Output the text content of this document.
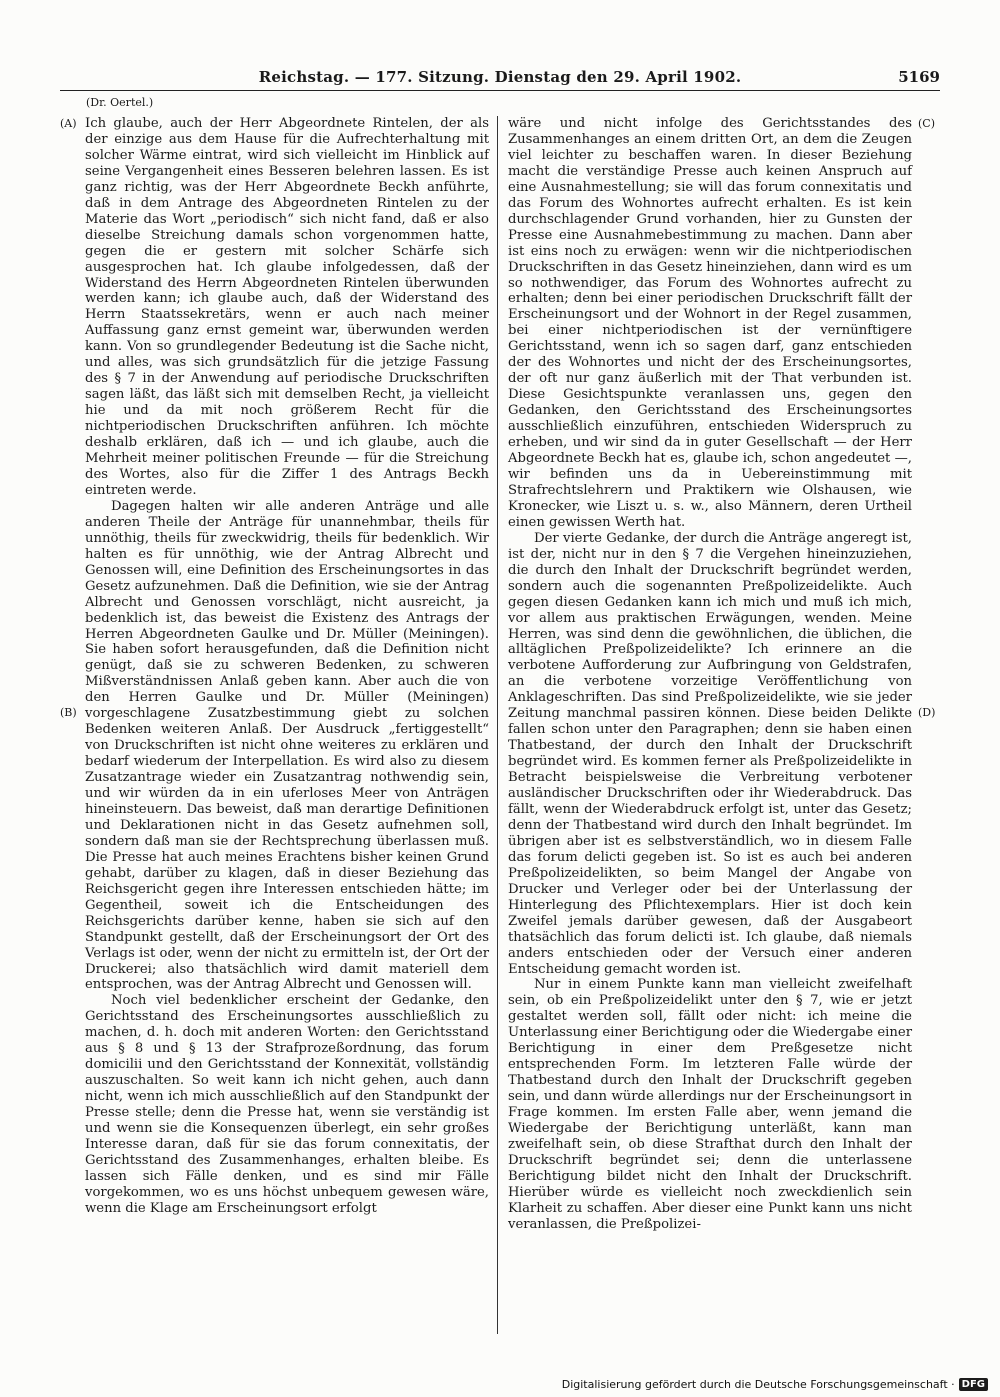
Reichstag. — 177. Sitzung. Dienstag den 29. April 1902.	5169
(Dr. Oertel.)
(A)
(B)
(C)
(D)

Ich glaube, auch der Herr Abgeordnete Rintelen, der als der einzige aus dem Hause für die Aufrechterhaltung mit solcher Wärme eintrat, wird sich vielleicht im Hinblick auf seine Vergangenheit eines Besseren belehren lassen. Es ist ganz richtig, was der Herr Abgeordnete Beckh anführte, daß in dem Antrage des Abgeordneten Rintelen zu der Materie das Wort „periodisch“ sich nicht fand, daß er also dieselbe Streichung damals schon vorgenommen hatte, gegen die er gestern mit solcher Schärfe sich ausgesprochen hat. Ich glaube infolgedessen, daß der Widerstand des Herrn Abgeordneten Rintelen überwunden werden kann; ich glaube auch, daß der Widerstand des Herrn Staatssekretärs, wenn er auch nach meiner Auffassung ganz ernst gemeint war, überwunden werden kann. Von so grundlegender Bedeutung ist die Sache nicht, und alles, was sich grundsätzlich für die jetzige Fassung des § 7 in der Anwendung auf periodische Druckschriften sagen läßt, das läßt sich mit demselben Recht, ja vielleicht hie und da mit noch größerem Recht für die nichtperiodischen Druckschriften anführen. Ich möchte deshalb erklären, daß ich — und ich glaube, auch die Mehrheit meiner politischen Freunde — für die Streichung des Wortes, also für die Ziffer 1 des Antrags Beckh eintreten werde.

Dagegen halten wir alle anderen Anträge und alle anderen Theile der Anträge für unannehmbar, theils für unnöthig, theils für zweckwidrig, theils für bedenklich. Wir halten es für unnöthig, wie der Antrag Albrecht und Genossen will, eine Definition des Erscheinungsortes in das Gesetz aufzunehmen. Daß die Definition, wie sie der Antrag Albrecht und Genossen vorschlägt, nicht ausreicht, ja bedenklich ist, das beweist die Existenz des Antrags der Herren Abgeordneten Gaulke und Dr. Müller (Meiningen). Sie haben sofort herausgefunden, daß die Definition nicht genügt, daß sie zu schweren Bedenken, zu schweren Mißverständnissen Anlaß geben kann. Aber auch die von den Herren Gaulke und Dr. Müller (Meiningen) vorgeschlagene Zusatzbestimmung giebt zu solchen Bedenken weiteren Anlaß. Der Ausdruck „fertiggestellt“ von Druckschriften ist nicht ohne weiteres zu erklären und bedarf wiederum der Interpellation. Es wird also zu diesem Zusatzantrage wieder ein Zusatzantrag nothwendig sein, und wir würden da in ein uferloses Meer von Anträgen hineinsteuern. Das beweist, daß man derartige Definitionen und Deklarationen nicht in das Gesetz aufnehmen soll, sondern daß man sie der Rechtsprechung überlassen muß. Die Presse hat auch meines Erachtens bisher keinen Grund gehabt, darüber zu klagen, daß in dieser Beziehung das Reichsgericht gegen ihre Interessen entschieden hätte; im Gegentheil, soweit ich die Entscheidungen des Reichsgerichts darüber kenne, haben sie sich auf den Standpunkt gestellt, daß der Erscheinungsort der Ort des Verlags ist oder, wenn der nicht zu ermitteln ist, der Ort der Druckerei; also thatsächlich wird damit materiell dem entsprochen, was der Antrag Albrecht und Genossen will.

Noch viel bedenklicher erscheint der Gedanke, den Gerichtsstand des Erscheinungsortes ausschließlich zu machen, d. h. doch mit anderen Worten: den Gerichtsstand aus § 8 und § 13 der Strafprozeßordnung, das forum domicilii und den Gerichtsstand der Konnexität, vollständig auszuschalten. So weit kann ich nicht gehen, auch dann nicht, wenn ich mich ausschließlich auf den Standpunkt der Presse stelle; denn die Presse hat, wenn sie verständig ist und wenn sie die Konsequenzen überlegt, ein sehr großes Interesse daran, daß für sie das forum connexitatis, der Gerichtsstand des Zusammenhanges, erhalten bleibe. Es lassen sich Fälle denken, und es sind mir Fälle vorgekommen, wo es uns höchst unbequem gewesen wäre, wenn die Klage am Erscheinungsort erfolgt

wäre und nicht infolge des Gerichtsstandes des Zusammenhanges an einem dritten Ort, an dem die Zeugen viel leichter zu beschaffen waren. In dieser Beziehung macht die verständige Presse auch keinen Anspruch auf eine Ausnahmestellung; sie will das forum connexitatis und das Forum des Wohnortes aufrecht erhalten. Es ist kein durchschlagender Grund vorhanden, hier zu Gunsten der Presse eine Ausnahmebestimmung zu machen. Dann aber ist eins noch zu erwägen: wenn wir die nichtperiodischen Druckschriften in das Gesetz hineinziehen, dann wird es um so nothwendiger, das Forum des Wohnortes aufrecht zu erhalten; denn bei einer periodischen Druckschrift fällt der Erscheinungsort und der Wohnort in der Regel zusammen, bei einer nichtperiodischen ist der vernünftigere Gerichtsstand, wenn ich so sagen darf, ganz entschieden der des Wohnortes und nicht der des Erscheinungsortes, der oft nur ganz äußerlich mit der That verbunden ist. Diese Gesichtspunkte veranlassen uns, gegen den Gedanken, den Gerichtsstand des Erscheinungsortes ausschließlich einzuführen, entschieden Widerspruch zu erheben, und wir sind da in guter Gesellschaft — der Herr Abgeordnete Beckh hat es, glaube ich, schon angedeutet —, wir befinden uns da in Uebereinstimmung mit Strafrechtslehrern und Praktikern wie Olshausen, wie Kronecker, wie Liszt u. s. w., also Männern, deren Urtheil einen gewissen Werth hat.

Der vierte Gedanke, der durch die Anträge angeregt ist, ist der, nicht nur in den § 7 die Vergehen hineinzuziehen, die durch den Inhalt der Druckschrift begründet werden, sondern auch die sogenannten Preßpolizeidelikte. Auch gegen diesen Gedanken kann ich mich und muß ich mich, vor allem aus praktischen Erwägungen, wenden. Meine Herren, was sind denn die gewöhnlichen, die üblichen, die alltäglichen Preßpolizeidelikte? Ich erinnere an die verbotene Aufforderung zur Aufbringung von Geldstrafen, an die verbotene vorzeitige Veröffentlichung von Anklageschriften. Das sind Preßpolizeidelikte, wie sie jeder Zeitung manchmal passiren können. Diese beiden Delikte fallen schon unter den Paragraphen; denn sie haben einen Thatbestand, der durch den Inhalt der Druckschrift begründet wird. Es kommen ferner als Preßpolizeidelikte in Betracht beispielsweise die Verbreitung verbotener ausländischer Druckschriften oder ihr Wiederabdruck. Das fällt, wenn der Wiederabdruck erfolgt ist, unter das Gesetz; denn der Thatbestand wird durch den Inhalt begründet. Im übrigen aber ist es selbstverständlich, wo in diesem Falle das forum delicti gegeben ist. So ist es auch bei anderen Preßpolizeidelikten, so beim Mangel der Angabe von Drucker und Verleger oder bei der Unterlassung der Hinterlegung des Pflichtexemplars. Hier ist doch kein Zweifel jemals darüber gewesen, daß der Ausgabeort thatsächlich das forum delicti ist. Ich glaube, daß niemals anders entschieden oder der Versuch einer anderen Entscheidung gemacht worden ist.

Nur in einem Punkte kann man vielleicht zweifelhaft sein, ob ein Preßpolizeidelikt unter den § 7, wie er jetzt gestaltet werden soll, fällt oder nicht: ich meine die Unterlassung einer Berichtigung oder die Wiedergabe einer Berichtigung in einer dem Preßgesetze nicht entsprechenden Form. Im letzteren Falle würde der Thatbestand durch den Inhalt der Druckschrift gegeben sein, und dann würde allerdings nur der Erscheinungsort in Frage kommen. Im ersten Falle aber, wenn jemand die Wiedergabe der Berichtigung unterläßt, kann man zweifelhaft sein, ob diese Strafthat durch den Inhalt der Druckschrift begründet sei; denn die unterlassene Berichtigung bildet nicht den Inhalt der Druckschrift. Hierüber würde es vielleicht noch zweckdienlich sein Klarheit zu schaffen. Aber dieser eine Punkt kann uns nicht veranlassen, die Preßpolizei-

Digitalisierung gefördert durch die Deutsche Forschungsgemeinschaft · DFG
